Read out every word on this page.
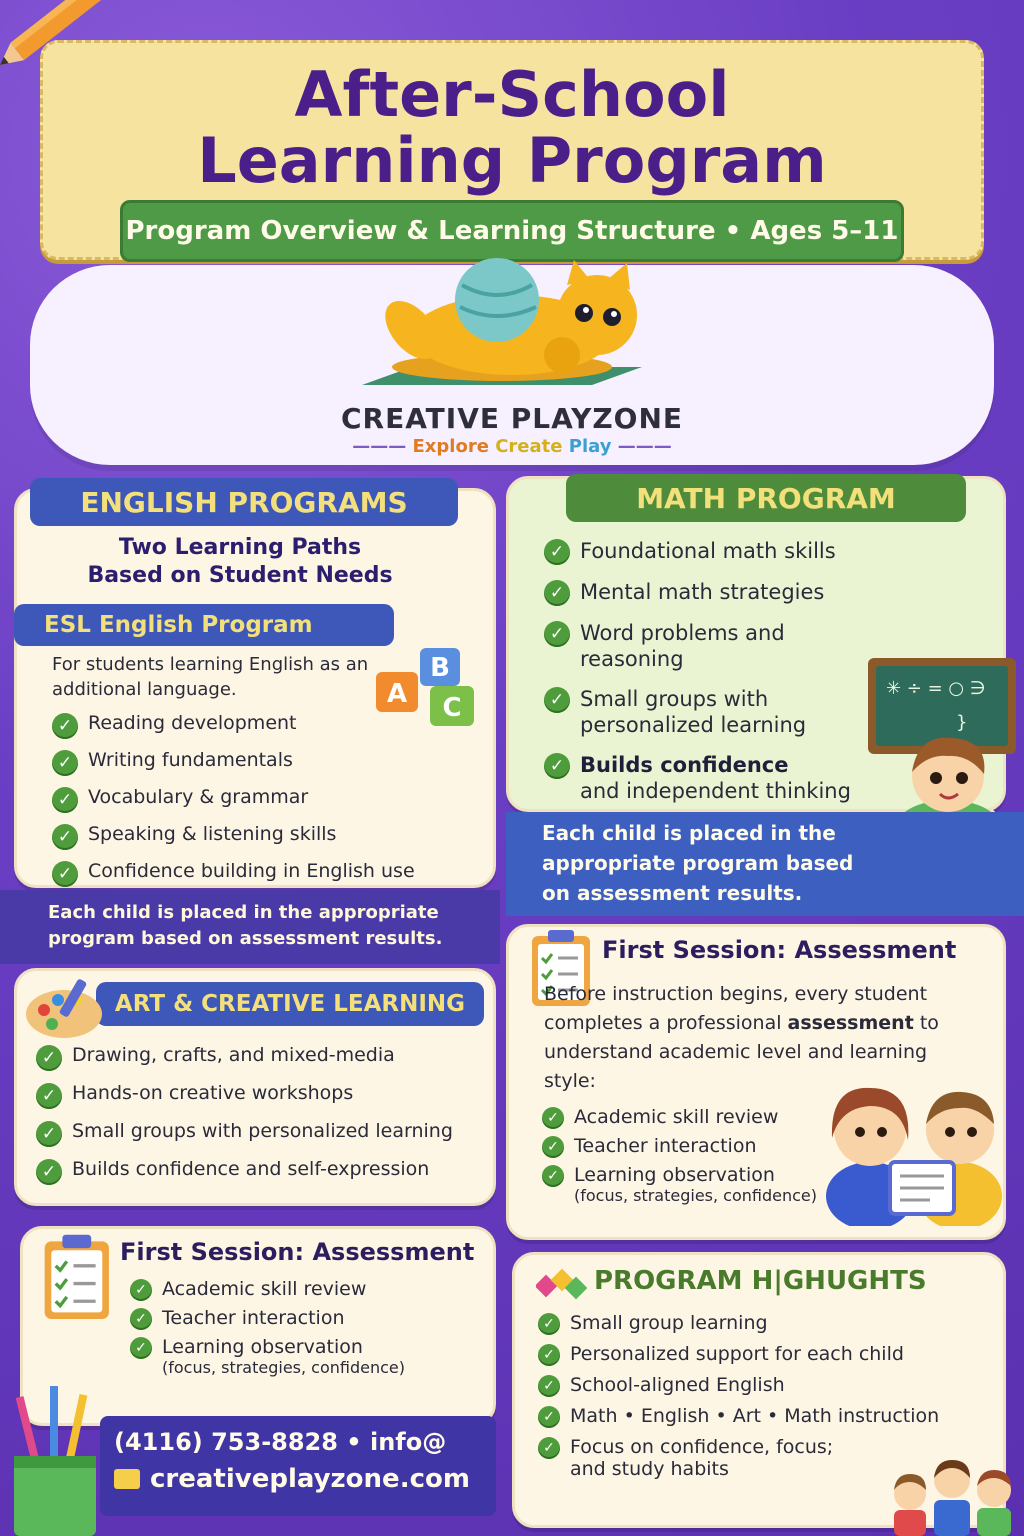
After-School
Learning Program
Program Overview & Learning Structure • Ages 5–11
CREATIVE PLAYZONE
——— Explore Create Play ———
ENGLISH PROGRAMS
Two Learning Paths
Based on Student Needs
ESL English Program
For students learning English as an additional language.	A
B
C
✓ Reading development
✓ Writing fundamentals
✓ Vocabulary & grammar
✓ Speaking & listening skills
✓ Confidence building in English use
Each child is placed in the appropriate program based on assessment results.
MATH PROGRAM
✓ Foundational math skills
✓ Mental math strategies
✓ Word problems and reasoning
✓ Small groups with personalized learning
✓ Builds confidence
and independent thinking
✳ ÷ = ○ ∋
}
Each child is placed in the appropriate program based on assessment results.
ART & CREATIVE LEARNING
✓ Drawing, crafts, and mixed-media
✓ Hands-on creative workshops
✓ Small groups with personalized learning
✓ Builds confidence and self-expression
First Session: Assessment
Before instruction begins, every student completes a professional assessment to understand academic level and learning style:
✓ Academic skill review
✓ Teacher interaction
✓ Learning observation
(focus, strategies, confidence)
First Session: Assessment
✓ Academic skill review
✓ Teacher interaction
✓ Learning observation
(focus, strategies, confidence)
(4116) 753-8828 • info@
creativeplayzone.com
PROGRAM H|GHUGHTS
✓ Small group learning
✓ Personalized support for each child
✓ School-aligned English
✓ Math • English • Art • Math instruction
✓ Focus on confidence, focus;
and study habits
